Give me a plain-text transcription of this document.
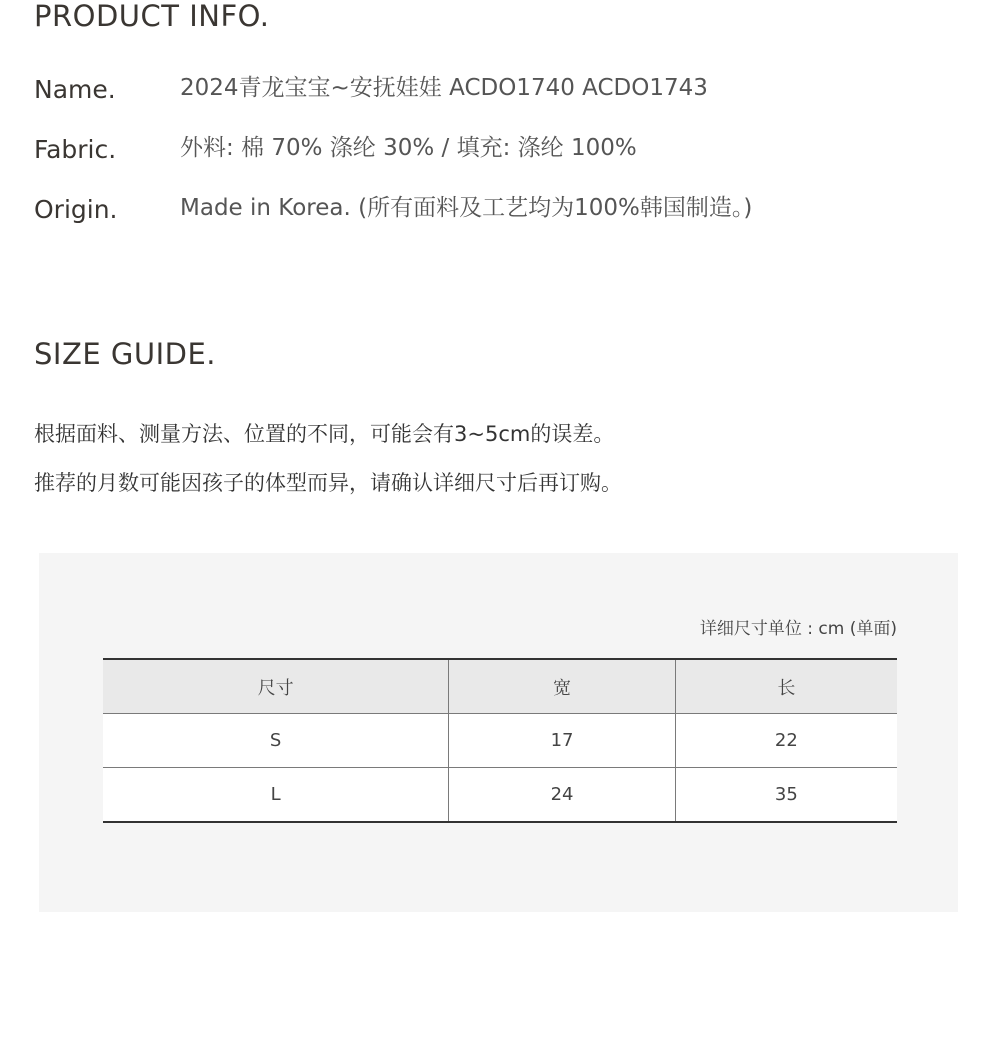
PRODUCT INFO.
Name.	2024青龙宝宝~安抚娃娃 ACDO1740 ACDO1743
Fabric.	外料: 棉 70% 涤纶 30% / 填充: 涤纶 100%
Origin.	Made in Korea. (所有面料及工艺均为100%韩国制造。)
SIZE GUIDE.

根据面料、测量方法、位置的不同，可能会有3~5cm的误差。

推荐的月数可能因孩子的体型而异，请确认详细尺寸后再订购。

详细尺寸单位 : cm (单面)
尺寸	宽	长
S	17	22
L	24	35
